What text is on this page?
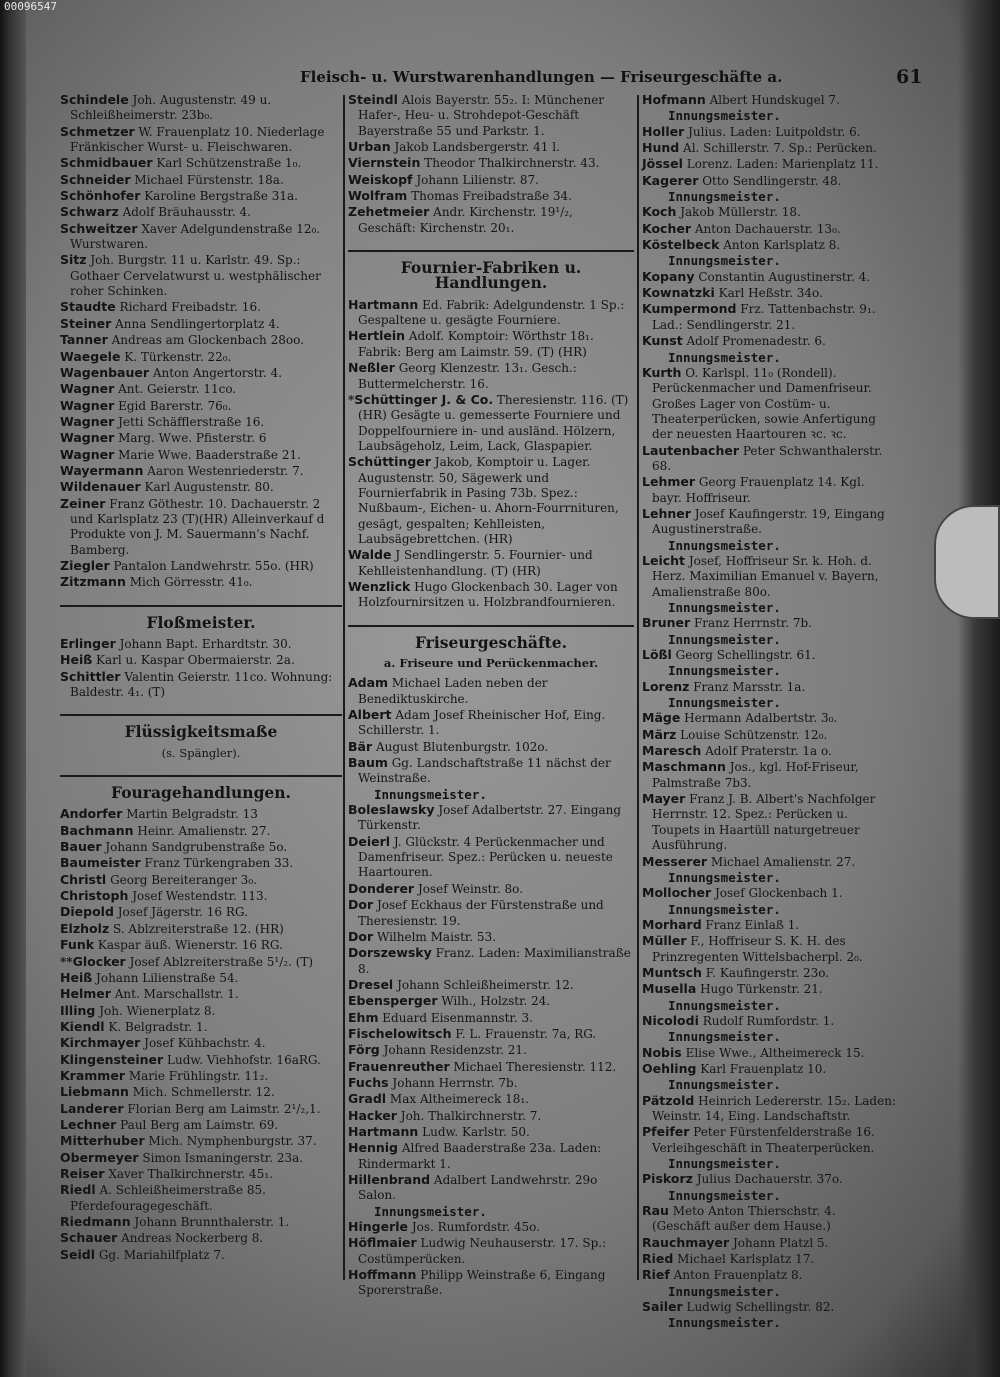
00096547
Fleisch- u. Wurstwarenhandlungen — Friseurgeschäfte a.	61

Schindele Joh. Augustenstr. 49 u. Schleißheimerstr. 23b₀.

Schmetzer W. Frauenplatz 10. Niederlage Fränkischer Wurst- u. Fleischwaren.

Schmidbauer Karl Schützenstraße 1₀.

Schneider Michael Fürstenstr. 18a.

Schönhofer Karoline Bergstraße 31a.

Schwarz Adolf Bräuhausstr. 4.

Schweitzer Xaver Adelgundenstraße 12₀. Wurstwaren.

Sitz Joh. Burgstr. 11 u. Karlstr. 49. Sp.: Gothaer Cervelatwurst u. westphälischer roher Schinken.

Staudte Richard Freibadstr. 16.

Steiner Anna Sendlingertorplatz 4.

Tanner Andreas am Glockenbach 28oo.

Waegele K. Türkenstr. 22₀.

Wagenbauer Anton Angertorstr. 4.

Wagner Ant. Geierstr. 11co.

Wagner Egid Barerstr. 76₀.

Wagner Jetti Schäfflerstraße 16.

Wagner Marg. Wwe. Pfisterstr. 6

Wagner Marie Wwe. Baaderstraße 21.

Wayermann Aaron Westenriederstr. 7.

Wildenauer Karl Augustenstr. 80.

Zeiner Franz Göthestr. 10. Dachauerstr. 2 und Karlsplatz 23 (T)(HR) Alleinverkauf d Produkte von J. M. Sauermann's Nachf. Bamberg.

Ziegler Pantalon Landwehrstr. 55o. (HR)

Zitzmann Mich Görresstr. 41₀.

Floßmeister.

Erlinger Johann Bapt. Erhardtstr. 30.

Heiß Karl u. Kaspar Obermaierstr. 2a.

Schittler Valentin Geierstr. 11co. Wohnung: Baldestr. 4₁. (T)

Flüssigkeitsmaße
(s. Spängler).
Fouragehandlungen.

Andorfer Martin Belgradstr. 13

Bachmann Heinr. Amalienstr. 27.

Bauer Johann Sandgrubenstraße 5o.

Baumeister Franz Türkengraben 33.

Christl Georg Bereiteranger 3₀.

Christoph Josef Westendstr. 113.

Diepold Josef Jägerstr. 16 RG.

Elzholz S. Ablzreiterstraße 12. (HR)

Funk Kaspar äuß. Wienerstr. 16 RG.

**Glocker Josef Ablzreiterstraße 5¹/₂. (T)

Heiß Johann Lilienstraße 54.

Helmer Ant. Marschallstr. 1.

Illing Joh. Wienerplatz 8.

Kiendl K. Belgradstr. 1.

Kirchmayer Josef Kühbachstr. 4.

Klingensteiner Ludw. Viehhofstr. 16aRG.

Krammer Marie Frühlingstr. 11₂.

Liebmann Mich. Schmellerstr. 12.

Landerer Florian Berg am Laimstr. 2¹/₂,1.

Lechner Paul Berg am Laimstr. 69.

Mitterhuber Mich. Nymphenburgstr. 37.

Obermeyer Simon Ismaningerstr. 23a.

Reiser Xaver Thalkirchnerstr. 45₁.

Riedl A. Schleißheimerstraße 85. Pferdefouragegeschäft.

Riedmann Johann Brunnthalerstr. 1.

Schauer Andreas Nockerberg 8.

Seidl Gg. Mariahilfplatz 7.

Steindl Alois Bayerstr. 55₂. I: Münchener Hafer-, Heu- u. Strohdepot-Geschäft Bayerstraße 55 und Parkstr. 1.

Urban Jakob Landsbergerstr. 41 l.

Viernstein Theodor Thalkirchnerstr. 43.

Weiskopf Johann Lilienstr. 87.

Wolfram Thomas Freibadstraße 34.

Zehetmeier Andr. Kirchenstr. 19¹/₂, Geschäft: Kirchenstr. 20₁.

Fournier-Fabriken u. Handlungen.

Hartmann Ed. Fabrik: Adelgundenstr. 1 Sp.: Gespaltene u. gesägte Fourniere.

Hertlein Adolf. Komptoir: Wörthstr 18₁. Fabrik: Berg am Laimstr. 59. (T) (HR)

Neßler Georg Klenzestr. 13₁. Gesch.: Buttermelcherstr. 16.

*Schüttinger J. & Co. Theresienstr. 116. (T) (HR) Gesägte u. gemesserte Fourniere und Doppelfourniere in- und ausländ. Hölzern, Laubsägeholz, Leim, Lack, Glaspapier.

Schüttinger Jakob, Komptoir u. Lager. Augustenstr. 50, Sägewerk und Fournierfabrik in Pasing 73b. Spez.: Nußbaum-, Eichen- u. Ahorn-Fourrnituren, gesägt, gespalten; Kehlleisten, Laubsägebrettchen. (HR)

Walde J Sendlingerstr. 5. Fournier- und Kehlleistenhandlung. (T) (HR)

Wenzlick Hugo Glockenbach 30. Lager von Holzfournirsitzen u. Holzbrandfournieren.

Friseurgeschäfte.
a. Friseure und Perückenmacher.

Adam Michael Laden neben der Benediktuskirche.

Albert Adam Josef Rheinischer Hof, Eing. Schillerstr. 1.

Bär August Blutenburgstr. 102o.

Baum Gg. Landschaftstraße 11 nächst der Weinstraße.

Innungsmeister.

Boleslawsky Josef Adalbertstr. 27. Eingang Türkenstr.

Deierl J. Glückstr. 4 Perückenmacher und Damenfriseur. Spez.: Perücken u. neueste Haartouren.

Donderer Josef Weinstr. 8o.

Dor Josef Eckhaus der Fürstenstraße und Theresienstr. 19.

Dor Wilhelm Maistr. 53.

Dorszewsky Franz. Laden: Maximilianstraße 8.

Dresel Johann Schleißheimerstr. 12.

Ebensperger Wilh., Holzstr. 24.

Ehm Eduard Eisenmannstr. 3.

Fischelowitsch F. L. Frauenstr. 7a, RG.

Förg Johann Residenzstr. 21.

Frauenreuther Michael Theresienstr. 112.

Fuchs Johann Herrnstr. 7b.

Gradl Max Altheimereck 18₁.

Hacker Joh. Thalkirchnerstr. 7.

Hartmann Ludw. Karlstr. 50.

Hennig Alfred Baaderstraße 23a. Laden: Rindermarkt 1.

Hillenbrand Adalbert Landwehrstr. 29o Salon.

Innungsmeister.

Hingerle Jos. Rumfordstr. 45o.

Höflmaier Ludwig Neuhauserstr. 17. Sp.: Costümperücken.

Hoffmann Philipp Weinstraße 6, Eingang Sporerstraße.

Hofmann Albert Hundskugel 7.

Innungsmeister.

Holler Julius. Laden: Luitpoldstr. 6.

Hund Al. Schillerstr. 7. Sp.: Perücken.

Jössel Lorenz. Laden: Marienplatz 11.

Kagerer Otto Sendlingerstr. 48.

Innungsmeister.

Koch Jakob Müllerstr. 18.

Kocher Anton Dachauerstr. 13₀.

Köstelbeck Anton Karlsplatz 8.

Innungsmeister.

Kopany Constantin Augustinerstr. 4.

Kownatzki Karl Heßstr. 34o.

Kumpermond Frz. Tattenbachstr. 9₁. Lad.: Sendlingerstr. 21.

Kunst Adolf Promenadestr. 6.

Innungsmeister.

Kurth O. Karlspl. 11₀ (Rondell). Perückenmacher und Damenfriseur. Großes Lager von Costüm- u. Theaterperücken, sowie Anfertigung der neuesten Haartouren ꝛc. ꝛc.

Lautenbacher Peter Schwanthalerstr. 68.

Lehmer Georg Frauenplatz 14. Kgl. bayr. Hoffriseur.

Lehner Josef Kaufingerstr. 19, Eingang Augustinerstraße.

Innungsmeister.

Leicht Josef, Hoffriseur Sr. k. Hoh. d. Herz. Maximilian Emanuel v. Bayern, Amalienstraße 80o.

Innungsmeister.

Bruner Franz Herrnstr. 7b.

Innungsmeister.

Lößl Georg Schellingstr. 61.

Innungsmeister.

Lorenz Franz Marsstr. 1a.

Innungsmeister.

Mäge Hermann Adalbertstr. 3₀.

März Louise Schützenstr. 12₀.

Maresch Adolf Praterstr. 1a o.

Maschmann Jos., kgl. Hof-Friseur, Palmstraße 7b3.

Mayer Franz J. B. Albert's Nachfolger Herrnstr. 12. Spez.: Perücken u. Toupets in Haartüll naturgetreuer Ausführung.

Messerer Michael Amalienstr. 27.

Innungsmeister.

Mollocher Josef Glockenbach 1.

Innungsmeister.

Morhard Franz Einlaß 1.

Müller F., Hoffriseur S. K. H. des Prinzregenten Wittelsbacherpl. 2₀.

Muntsch F. Kaufingerstr. 23o.

Musella Hugo Türkenstr. 21.

Innungsmeister.

Nicolodi Rudolf Rumfordstr. 1.

Innungsmeister.

Nobis Elise Wwe., Altheimereck 15.

Oehling Karl Frauenplatz 10.

Innungsmeister.

Pätzold Heinrich Ledererstr. 15₂. Laden: Weinstr. 14, Eing. Landschaftstr.

Pfeifer Peter Fürstenfelderstraße 16. Verleihgeschäft in Theaterperücken.

Innungsmeister.

Piskorz Julius Dachauerstr. 37o.

Innungsmeister.

Rau Meto Anton Thierschstr. 4. (Geschäft außer dem Hause.)

Rauchmayer Johann Platzl 5.

Ried Michael Karlsplatz 17.

Rief Anton Frauenplatz 8.

Innungsmeister.

Sailer Ludwig Schellingstr. 82.

Innungsmeister.
